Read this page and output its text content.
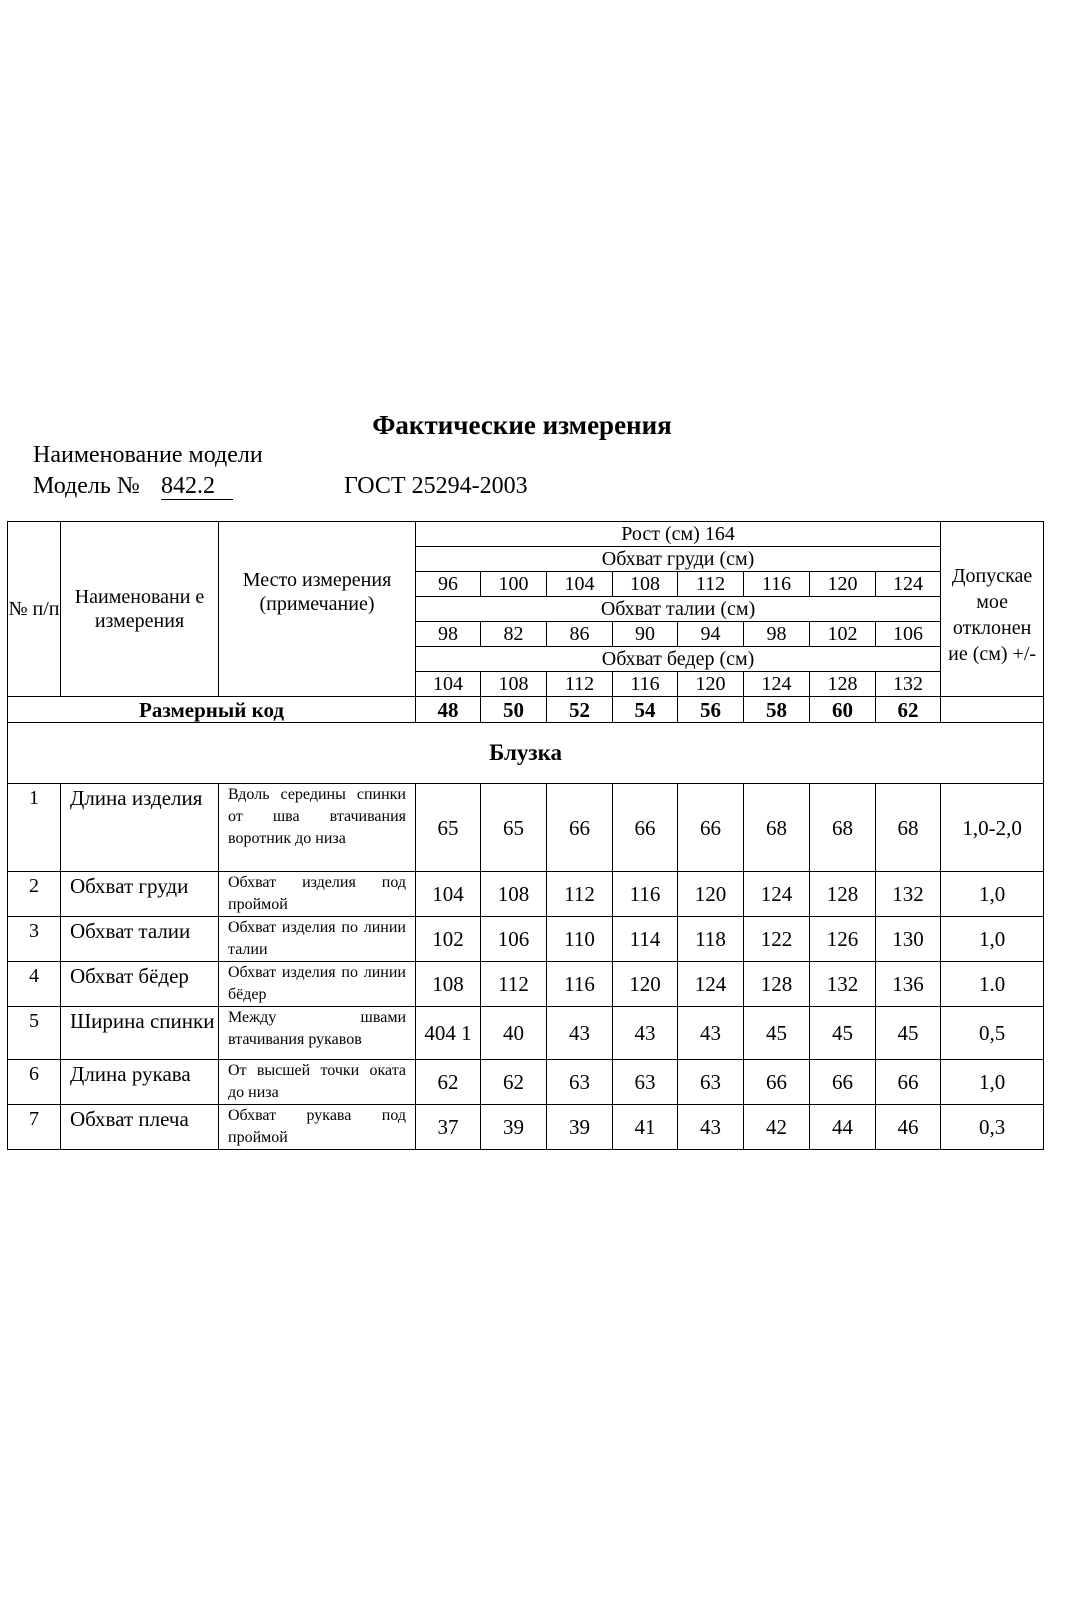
Фактические измерения
Наименование модели
Модель № 842.2	ГОСТ 25294-2003
№ п/п	Наименовани е измерения	Место измерения (примечание)	Рост (см) 164								Допускае мое отклонен ие (см) +/-
			Обхват груди (см)								
			96	100	104	108	112	116	120	124	
			Обхват талии (см)								
			98	82	86	90	94	98	102	106	
			Обхват бедер (см)								
			104	108	112	116	120	124	128	132	
Размерный код			48	50	52	54	56	58	60	62	
Блузка											
1	Длина изделия	Вдоль середины спинки от шва втачивания воротник до низа	65	65	66	66	66	68	68	68	1,0-2,0
2	Обхват груди	Обхват изделия под проймой	104	108	112	116	120	124	128	132	1,0
3	Обхват талии	Обхват изделия по линии талии	102	106	110	114	118	122	126	130	1,0
4	Обхват бёдер	Обхват изделия по линии бёдер	108	112	116	120	124	128	132	136	1.0
5	Ширина спинки	Между швами втачивания рукавов	404 1	40	43	43	43	45	45	45	0,5
6	Длина рукава	От высшей точки оката до низа	62	62	63	63	63	66	66	66	1,0
7	Обхват плеча	Обхват рукава под проймой	37	39	39	41	43	42	44	46	0,3
